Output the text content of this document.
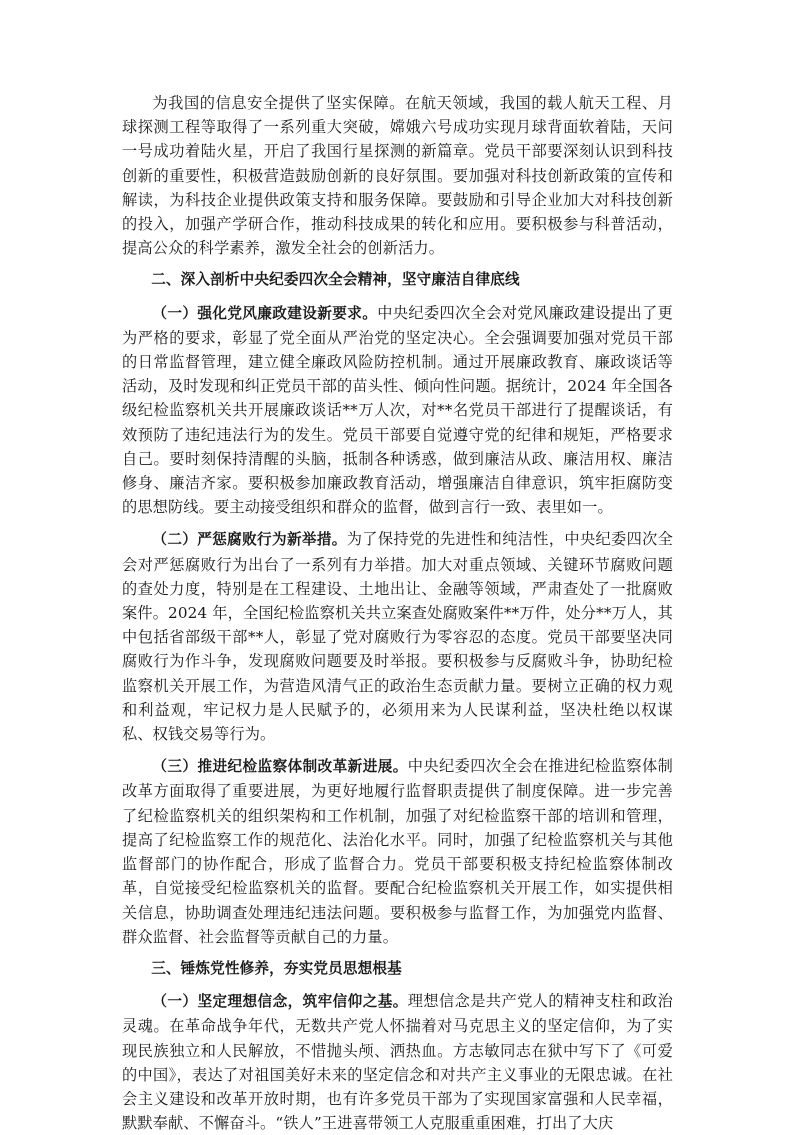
为我国的信息安全提供了坚实保障。在航天领域，我国的载人航天工程、月球探测工程等取得了一系列重大突破，嫦娥六号成功实现月球背面软着陆，天问一号成功着陆火星，开启了我国行星探测的新篇章。党员干部要深刻认识到科技创新的重要性，积极营造鼓励创新的良好氛围。要加强对科技创新政策的宣传和解读，为科技企业提供政策支持和服务保障。要鼓励和引导企业加大对科技创新的投入，加强产学研合作，推动科技成果的转化和应用。要积极参与科普活动，提高公众的科学素养，激发全社会的创新活力。

二、深入剖析中央纪委四次全会精神，坚守廉洁自律底线

（一）强化党风廉政建设新要求。中央纪委四次全会对党风廉政建设提出了更为严格的要求，彰显了党全面从严治党的坚定决心。全会强调要加强对党员干部的日常监督管理，建立健全廉政风险防控机制。通过开展廉政教育、廉政谈话等活动，及时发现和纠正党员干部的苗头性、倾向性问题。据统计，2024 年全国各级纪检监察机关共开展廉政谈话**万人次，对**名党员干部进行了提醒谈话，有效预防了违纪违法行为的发生。党员干部要自觉遵守党的纪律和规矩，严格要求自己。要时刻保持清醒的头脑，抵制各种诱惑，做到廉洁从政、廉洁用权、廉洁修身、廉洁齐家。要积极参加廉政教育活动，增强廉洁自律意识，筑牢拒腐防变的思想防线。要主动接受组织和群众的监督，做到言行一致、表里如一。

（二）严惩腐败行为新举措。为了保持党的先进性和纯洁性，中央纪委四次全会对严惩腐败行为出台了一系列有力举措。加大对重点领域、关键环节腐败问题的查处力度，特别是在工程建设、土地出让、金融等领域，严肃查处了一批腐败案件。2024 年，全国纪检监察机关共立案查处腐败案件**万件，处分**万人，其中包括省部级干部**人，彰显了党对腐败行为零容忍的态度。党员干部要坚决同腐败行为作斗争，发现腐败问题要及时举报。要积极参与反腐败斗争，协助纪检监察机关开展工作，为营造风清气正的政治生态贡献力量。要树立正确的权力观和利益观，牢记权力是人民赋予的，必须用来为人民谋利益，坚决杜绝以权谋私、权钱交易等行为。

（三）推进纪检监察体制改革新进展。中央纪委四次全会在推进纪检监察体制改革方面取得了重要进展，为更好地履行监督职责提供了制度保障。进一步完善了纪检监察机关的组织架构和工作机制，加强了对纪检监察干部的培训和管理，提高了纪检监察工作的规范化、法治化水平。同时，加强了纪检监察机关与其他监督部门的协作配合，形成了监督合力。党员干部要积极支持纪检监察体制改革，自觉接受纪检监察机关的监督。要配合纪检监察机关开展工作，如实提供相关信息，协助调查处理违纪违法问题。要积极参与监督工作，为加强党内监督、群众监督、社会监督等贡献自己的力量。

三、锤炼党性修养，夯实党员思想根基

（一）坚定理想信念，筑牢信仰之基。理想信念是共产党人的精神支柱和政治灵魂。在革命战争年代，无数共产党人怀揣着对马克思主义的坚定信仰，为了实现民族独立和人民解放，不惜抛头颅、洒热血。方志敏同志在狱中写下了《可爱的中国》，表达了对祖国美好未来的坚定信念和对共产主义事业的无限忠诚。在社会主义建设和改革开放时期，也有许多党员干部为了实现国家富强和人民幸福，默默奉献、不懈奋斗。“铁人”王进喜带领工人克服重重困难，打出了大庆
